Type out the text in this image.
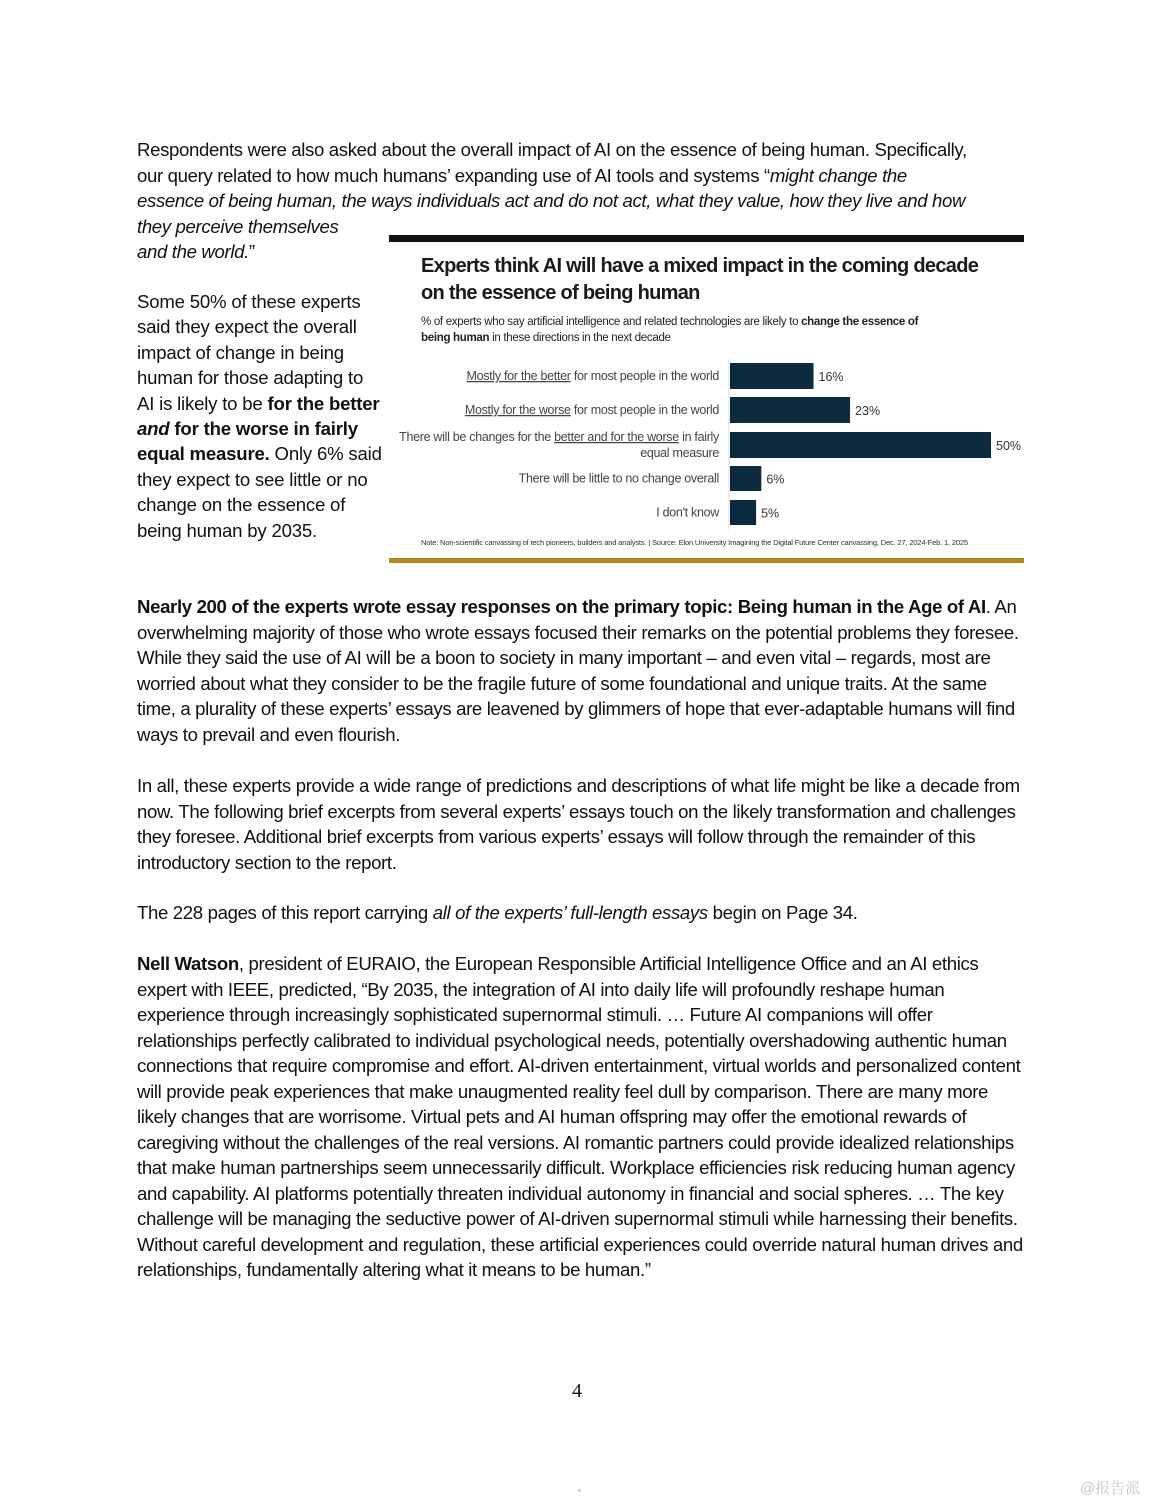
Respondents were also asked about the overall impact of AI on the essence of being human. Specifically,

our query related to how much humans’ expanding use of AI tools and systems “might change the

essence of being human, the ways individuals act and do not act, what they value, how they live and how

they perceive themselves

and the world.”

Some 50% of these experts said they expect the overall impact of change in being human for those adapting to AI is likely to be for the better and for the worse in fairly equal measure. Only 6% said they expect to see little or no change on the essence of being human by 2035.
Experts think AI will have a mixed impact in the coming decade on the essence of being human
% of experts who say artificial intelligence and related technologies are likely to change the essence of
being human in these directions in the next decade
16%
Mostly for the better for most people in the world
23%
Mostly for the worse for most people in the world
50%
There will be changes for the better and for the worse in fairly
equal measure
6%
There will be little to no change overall
5%
I don't know
Note: Non-scientific canvassing of tech pioneers, builders and analysts. | Source: Elon University Imagining the Digital Future Center canvassing, Dec. 27, 2024-Feb. 1, 2025
Nearly 200 of the experts wrote essay responses on the primary topic: Being human in the Age of AI. An overwhelming majority of those who wrote essays focused their remarks on the potential problems they foresee. While they said the use of AI will be a boon to society in many important – and even vital – regards, most are worried about what they consider to be the fragile future of some foundational and unique traits. At the same time, a plurality of these experts’ essays are leavened by glimmers of hope that ever-adaptable humans will find ways to prevail and even flourish.
In all, these experts provide a wide range of predictions and descriptions of what life might be like a decade from now. The following brief excerpts from several experts’ essays touch on the likely transformation and challenges they foresee. Additional brief excerpts from various experts’ essays will follow through the remainder of this introductory section to the report.
The 228 pages of this report carrying all of the experts’ full-length essays begin on Page 34.
Nell Watson, president of EURAIO, the European Responsible Artificial Intelligence Office and an AI ethics expert with IEEE, predicted, “By 2035, the integration of AI into daily life will profoundly reshape human experience through increasingly sophisticated supernormal stimuli. … Future AI companions will offer relationships perfectly calibrated to individual psychological needs, potentially overshadowing authentic human connections that require compromise and effort. AI-driven entertainment, virtual worlds and personalized content will provide peak experiences that make unaugmented reality feel dull by comparison. There are many more likely changes that are worrisome. Virtual pets and AI human offspring may offer the emotional rewards of caregiving without the challenges of the real versions. AI romantic partners could provide idealized relationships that make human partnerships seem unnecessarily difficult. Workplace efficiencies risk reducing human agency and capability. AI platforms potentially threaten individual autonomy in financial and social spheres. … The key challenge will be managing the seductive power of AI-driven supernormal stimuli while harnessing their benefits. Without careful development and regulation, these artificial experiences could override natural human drives and relationships, fundamentally altering what it means to be human.”
4
@报告派
